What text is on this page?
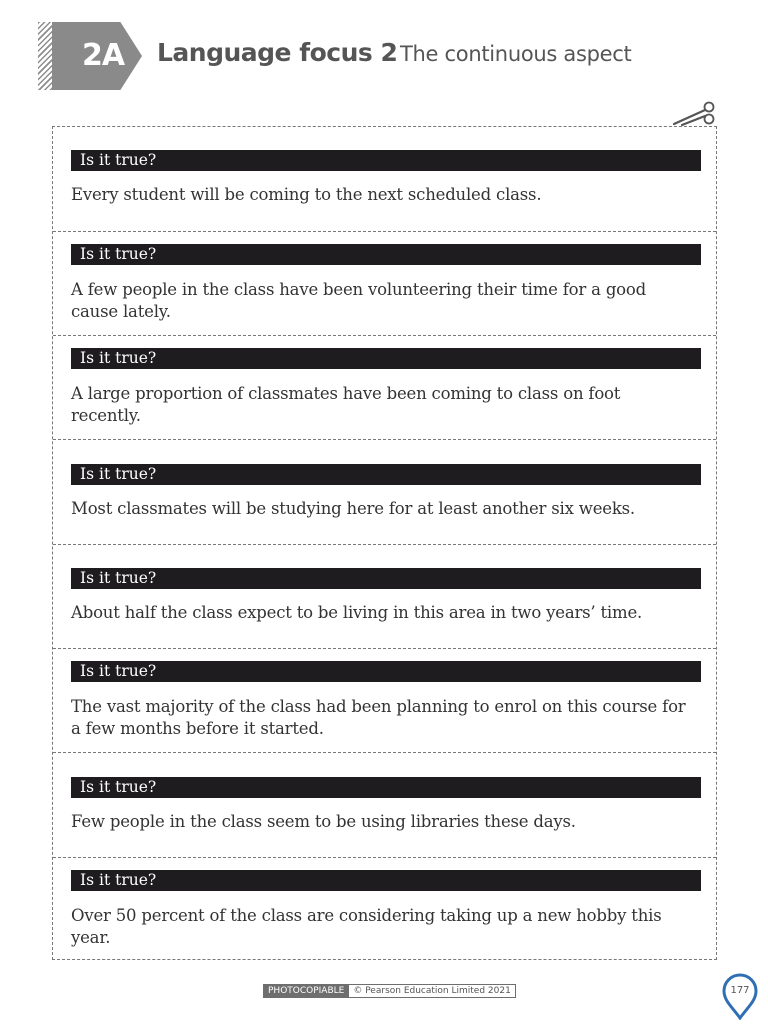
2A Language focus 2 The continuous aspect
Is it true?
Every student will be coming to the next scheduled class.
Is it true?
A few people in the class have been volunteering their time for a good cause lately.
Is it true?
A large proportion of classmates have been coming to class on foot recently.
Is it true?
Most classmates will be studying here for at least another six weeks.
Is it true?
About half the class expect to be living in this area in two years’ time.
Is it true?
The vast majority of the class had been planning to enrol on this course for a few months before it started.
Is it true?
Few people in the class seem to be using libraries these days.
Is it true?
Over 50 percent of the class are considering taking up a new hobby this year.
PHOTOCOPIABLE	© Pearson Education Limited 2021	177
